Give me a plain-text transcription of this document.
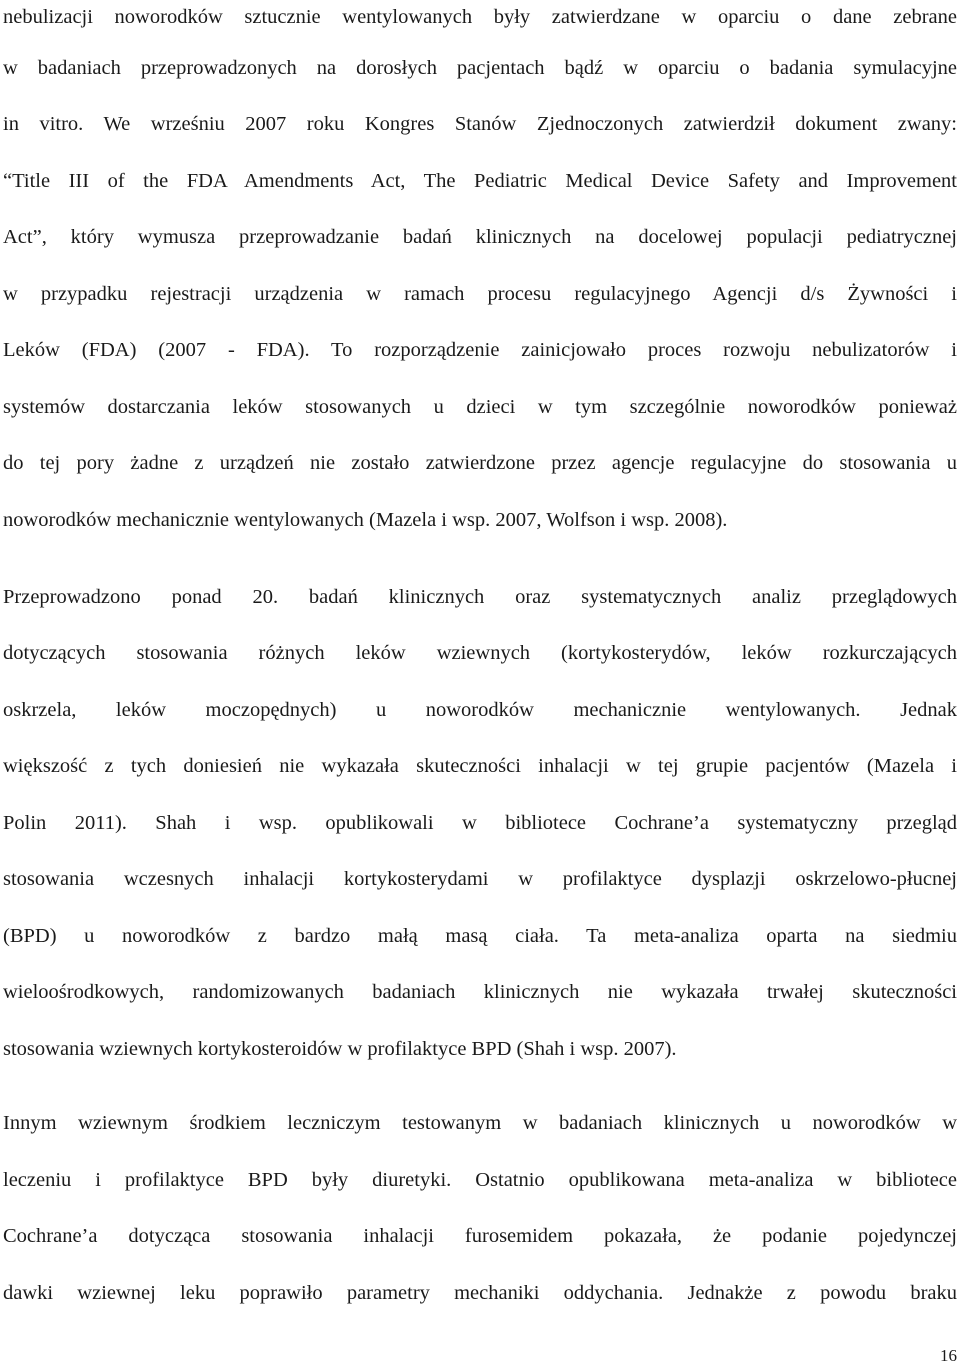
nebulizacji noworodków sztucznie wentylowanych były zatwierdzane w oparciu o dane zebrane
w badaniach przeprowadzonych na dorosłych pacjentach bądź w oparciu o badania symulacyjne
in vitro. We wrześniu 2007 roku Kongres Stanów Zjednoczonych zatwierdził dokument zwany:
“Title III of the FDA Amendments Act, The Pediatric Medical Device Safety and Improvement
Act”, który wymusza przeprowadzanie badań klinicznych na docelowej populacji pediatrycznej
w przypadku rejestracji urządzenia w ramach procesu regulacyjnego Agencji d/s Żywności i
Leków (FDA) (2007 - FDA). To rozporządzenie zainicjowało proces rozwoju nebulizatorów i
systemów dostarczania leków stosowanych u dzieci w tym szczególnie noworodków ponieważ
do tej pory żadne z urządzeń nie zostało zatwierdzone przez agencje regulacyjne do stosowania u
noworodków mechanicznie wentylowanych (Mazela i wsp. 2007, Wolfson i wsp. 2008).
Przeprowadzono ponad 20. badań klinicznych oraz systematycznych analiz przeglądowych
dotyczących stosowania różnych leków wziewnych (kortykosterydów, leków rozkurczających
oskrzela, leków moczopędnych) u noworodków mechanicznie wentylowanych. Jednak
większość z tych doniesień nie wykazała skuteczności inhalacji w tej grupie pacjentów (Mazela i
Polin 2011). Shah i wsp. opublikowali w bibliotece Cochrane’a systematyczny przegląd
stosowania wczesnych inhalacji kortykosterydami w profilaktyce dysplazji oskrzelowo-płucnej
(BPD) u noworodków z bardzo małą masą ciała. Ta meta-analiza oparta na siedmiu
wieloośrodkowych, randomizowanych badaniach klinicznych nie wykazała trwałej skuteczności
stosowania wziewnych kortykosteroidów w profilaktyce BPD (Shah i wsp. 2007).
Innym wziewnym środkiem leczniczym testowanym w badaniach klinicznych u noworodków w
leczeniu i profilaktyce BPD były diuretyki. Ostatnio opublikowana meta-analiza w bibliotece
Cochrane’a dotycząca stosowania inhalacji furosemidem pokazała, że podanie pojedynczej
dawki wziewnej leku poprawiło parametry mechaniki oddychania. Jednakże z powodu braku
16
